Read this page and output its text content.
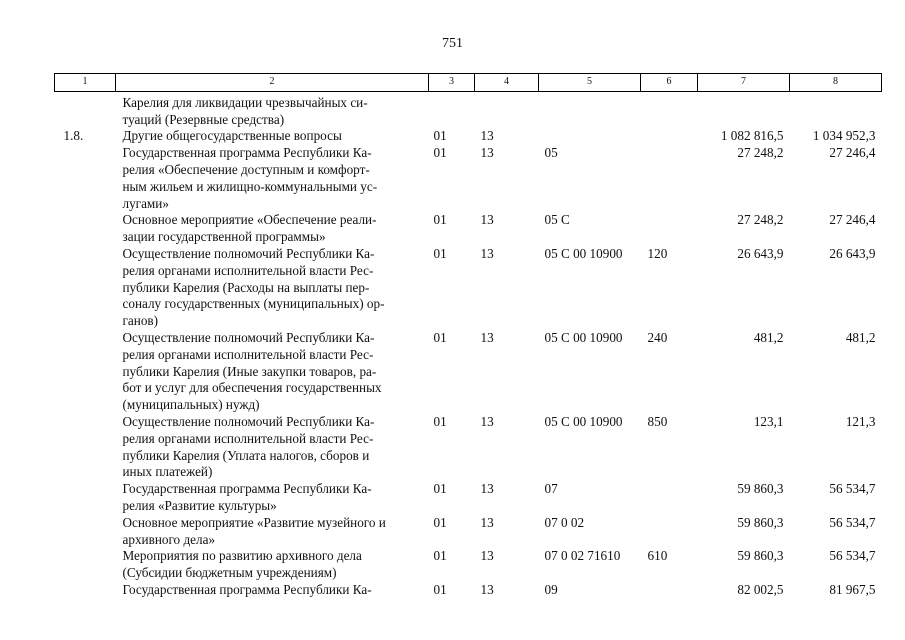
751
1	2	3	4	5	6	7	8
	Карелия для ликвидации чрезвычайных си-
туаций (Резервные средства)						
1.8.	Другие общегосударственные вопросы	01	13			1 082 816,5	1 034 952,3
	Государственная программа Республики Ка-
релия «Обеспечение доступным и комфорт-
ным жильем и жилищно-коммунальными ус-
лугами»	01	13	05		27 248,2	27 246,4
	Основное мероприятие «Обеспечение реали-
зации государственной программы»	01	13	05 С		27 248,2	27 246,4
	Осуществление полномочий Республики Ка-
релия органами исполнительной власти Рес-
публики Карелия (Расходы на выплаты пер-
соналу государственных (муниципальных) ор-
ганов)	01	13	05 С 00 10900	120	26 643,9	26 643,9
	Осуществление полномочий Республики Ка-
релия органами исполнительной власти Рес-
публики Карелия (Иные закупки товаров, ра-
бот и услуг для обеспечения государственных
(муниципальных) нужд)	01	13	05 С 00 10900	240	481,2	481,2
	Осуществление полномочий Республики Ка-
релия органами исполнительной власти Рес-
публики Карелия (Уплата налогов, сборов и
иных платежей)	01	13	05 С 00 10900	850	123,1	121,3
	Государственная программа Республики Ка-
релия «Развитие культуры»	01	13	07		59 860,3	56 534,7
	Основное мероприятие «Развитие музейного и
архивного дела»	01	13	07 0 02		59 860,3	56 534,7
	Мероприятия по развитию архивного дела
(Субсидии бюджетным учреждениям)	01	13	07 0 02 71610	610	59 860,3	56 534,7
	Государственная программа Республики Ка-	01	13	09		82 002,5	81 967,5
